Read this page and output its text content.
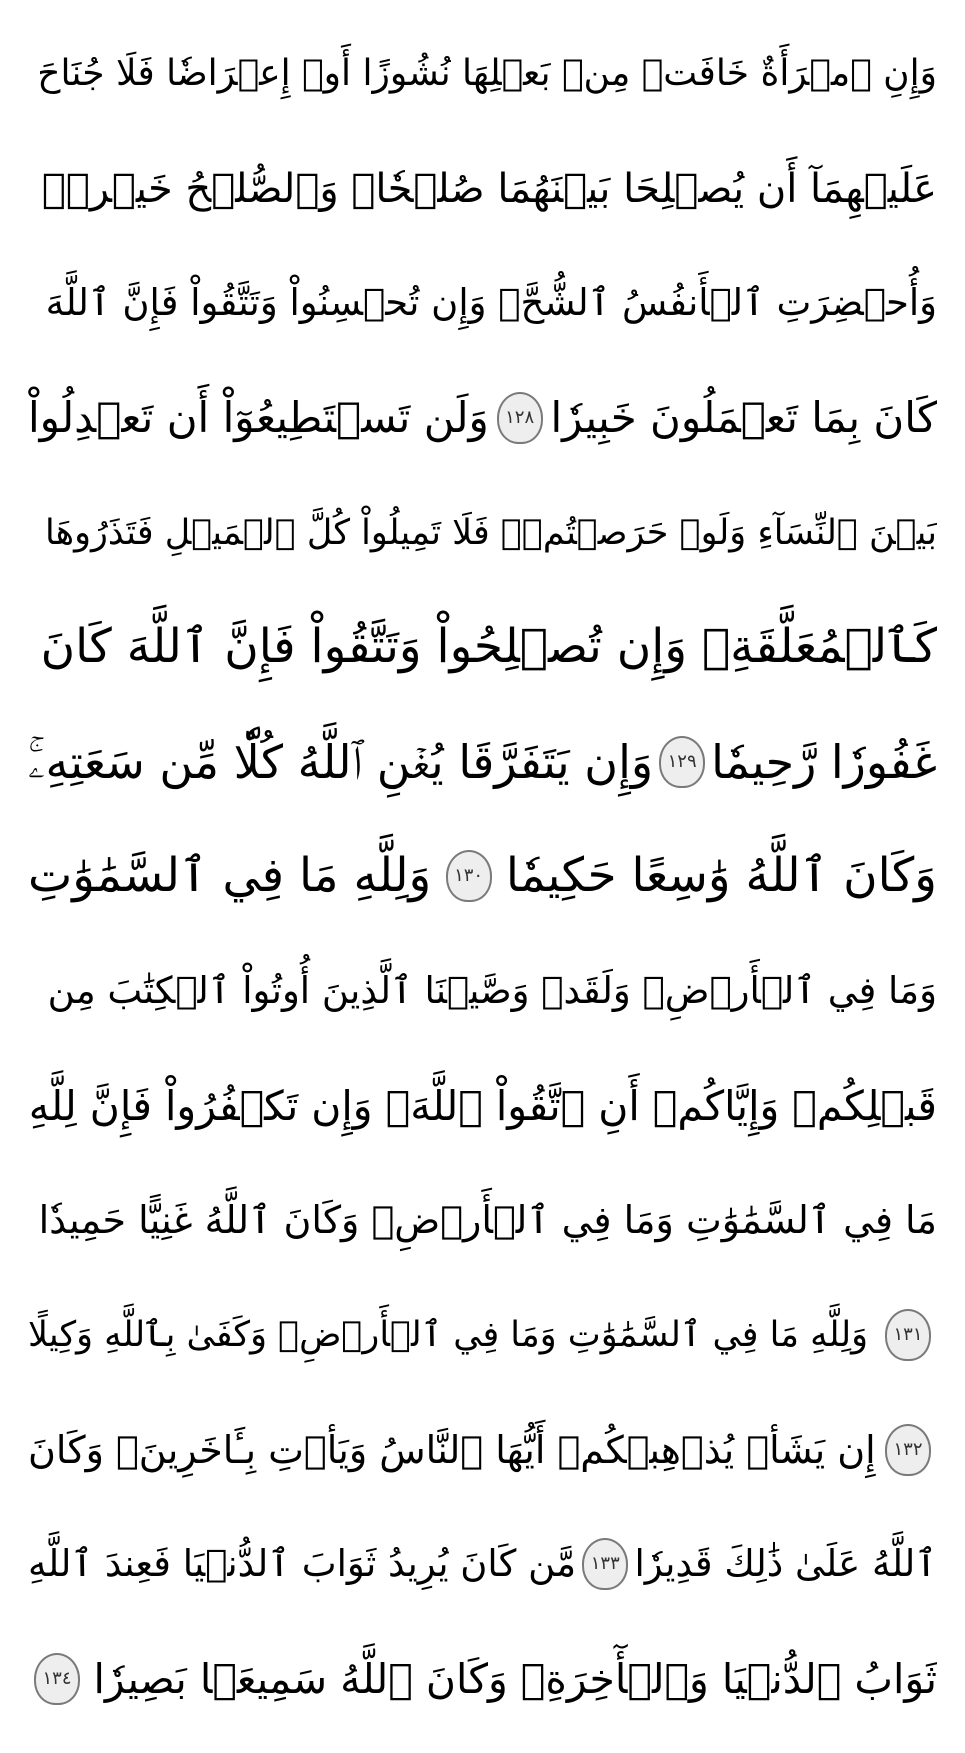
وَإِنِ ٱمۡرَأَةٌ خَافَتۡ مِنۢ بَعۡلِهَا نُشُوزًا أَوۡ إِعۡرَاضٗا فَلَا جُنَاحَ
عَلَيۡهِمَآ أَن يُصۡلِحَا بَيۡنَهُمَا صُلۡحٗاۚ وَٱلصُّلۡحُ خَيۡرٞۗ
وَأُحۡضِرَتِ ٱلۡأَنفُسُ ٱلشُّحَّۚ وَإِن تُحۡسِنُواْ وَتَتَّقُواْ فَإِنَّ ٱللَّهَ
كَانَ بِمَا تَعۡمَلُونَ خَبِيرٗا
١٢٨
وَلَن تَسۡتَطِيعُوٓاْ أَن تَعۡدِلُواْ
بَيۡنَ ٱلنِّسَآءِ وَلَوۡ حَرَصۡتُمۡۖ فَلَا تَمِيلُواْ كُلَّ ٱلۡمَيۡلِ فَتَذَرُوهَا
كَٱلۡمُعَلَّقَةِۚ وَإِن تُصۡلِحُواْ وَتَتَّقُواْ فَإِنَّ ٱللَّهَ كَانَ
غَفُورٗا رَّحِيمٗا
١٢٩
وَإِن يَتَفَرَّقَا يُغۡنِ ٱللَّهُ كُلّٗا مِّن سَعَتِهِۦۚ
وَكَانَ ٱللَّهُ وَٰسِعًا حَكِيمٗا
١٣٠
وَلِلَّهِ مَا فِي ٱلسَّمَٰوَٰتِ
وَمَا فِي ٱلۡأَرۡضِۗ وَلَقَدۡ وَصَّيۡنَا ٱلَّذِينَ أُوتُواْ ٱلۡكِتَٰبَ مِن
قَبۡلِكُمۡ وَإِيَّاكُمۡ أَنِ ٱتَّقُواْ ٱللَّهَۚ وَإِن تَكۡفُرُواْ فَإِنَّ لِلَّهِ
مَا فِي ٱلسَّمَٰوَٰتِ وَمَا فِي ٱلۡأَرۡضِۚ وَكَانَ ٱللَّهُ غَنِيًّا حَمِيدٗا
١٣١
وَلِلَّهِ مَا فِي ٱلسَّمَٰوَٰتِ وَمَا فِي ٱلۡأَرۡضِۚ وَكَفَىٰ بِٱللَّهِ وَكِيلًا
١٣٢
إِن يَشَأۡ يُذۡهِبۡكُمۡ أَيُّهَا ٱلنَّاسُ وَيَأۡتِ بِـَٔاخَرِينَۚ وَكَانَ
ٱللَّهُ عَلَىٰ ذَٰلِكَ قَدِيرٗا
١٣٣
مَّن كَانَ يُرِيدُ ثَوَابَ ٱلدُّنۡيَا فَعِندَ ٱللَّهِ
ثَوَابُ ٱلدُّنۡيَا وَٱلۡأٓخِرَةِۚ وَكَانَ ٱللَّهُ سَمِيعَۢا بَصِيرٗا
١٣٤
